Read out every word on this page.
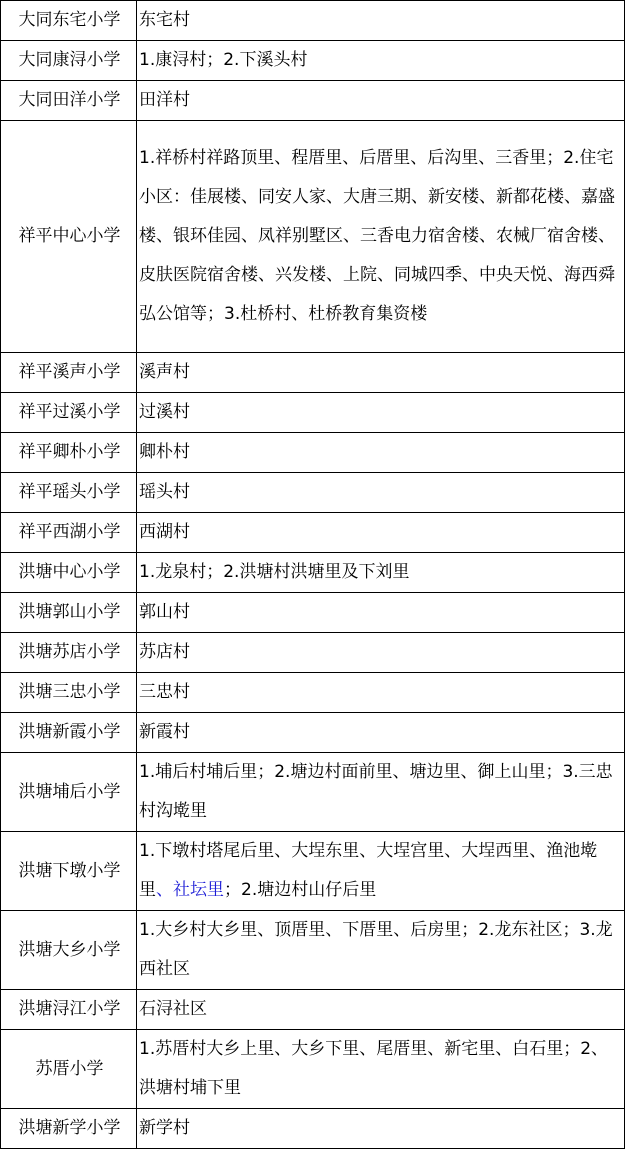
大同东宅小学	东宅村
大同康浔小学	1.康浔村；2.下溪头村
大同田洋小学	田洋村
祥平中心小学	1.祥桥村祥路顶里、程厝里、后厝里、后沟里、三香里；2.住宅小区：佳展楼、同安人家、大唐三期、新安楼、新都花楼、嘉盛楼、银环佳园、凤祥别墅区、三香电力宿舍楼、农械厂宿舍楼、皮肤医院宿舍楼、兴发楼、上院、同城四季、中央天悦、海西舜弘公馆等；3.杜桥村、杜桥教育集资楼
祥平溪声小学	溪声村
祥平过溪小学	过溪村
祥平卿朴小学	卿朴村
祥平瑶头小学	瑶头村
祥平西湖小学	西湖村
洪塘中心小学	1.龙泉村；2.洪塘村洪塘里及下刘里
洪塘郭山小学	郭山村
洪塘苏店小学	苏店村
洪塘三忠小学	三忠村
洪塘新霞小学	新霞村
洪塘埔后小学	1.埔后村埔后里；2.塘边村面前里、塘边里、御上山里；3.三忠村沟墘里
洪塘下墩小学	1.下墩村塔尾后里、大埕东里、大埕宫里、大埕西里、渔池墘里、社坛里；2.塘边村山仔后里
洪塘大乡小学	1.大乡村大乡里、顶厝里、下厝里、后房里；2.龙东社区；3.龙西社区
洪塘浔江小学	石浔社区
苏厝小学	1.苏厝村大乡上里、大乡下里、尾厝里、新宅里、白石里；2、洪塘村埔下里
洪塘新学小学	新学村
